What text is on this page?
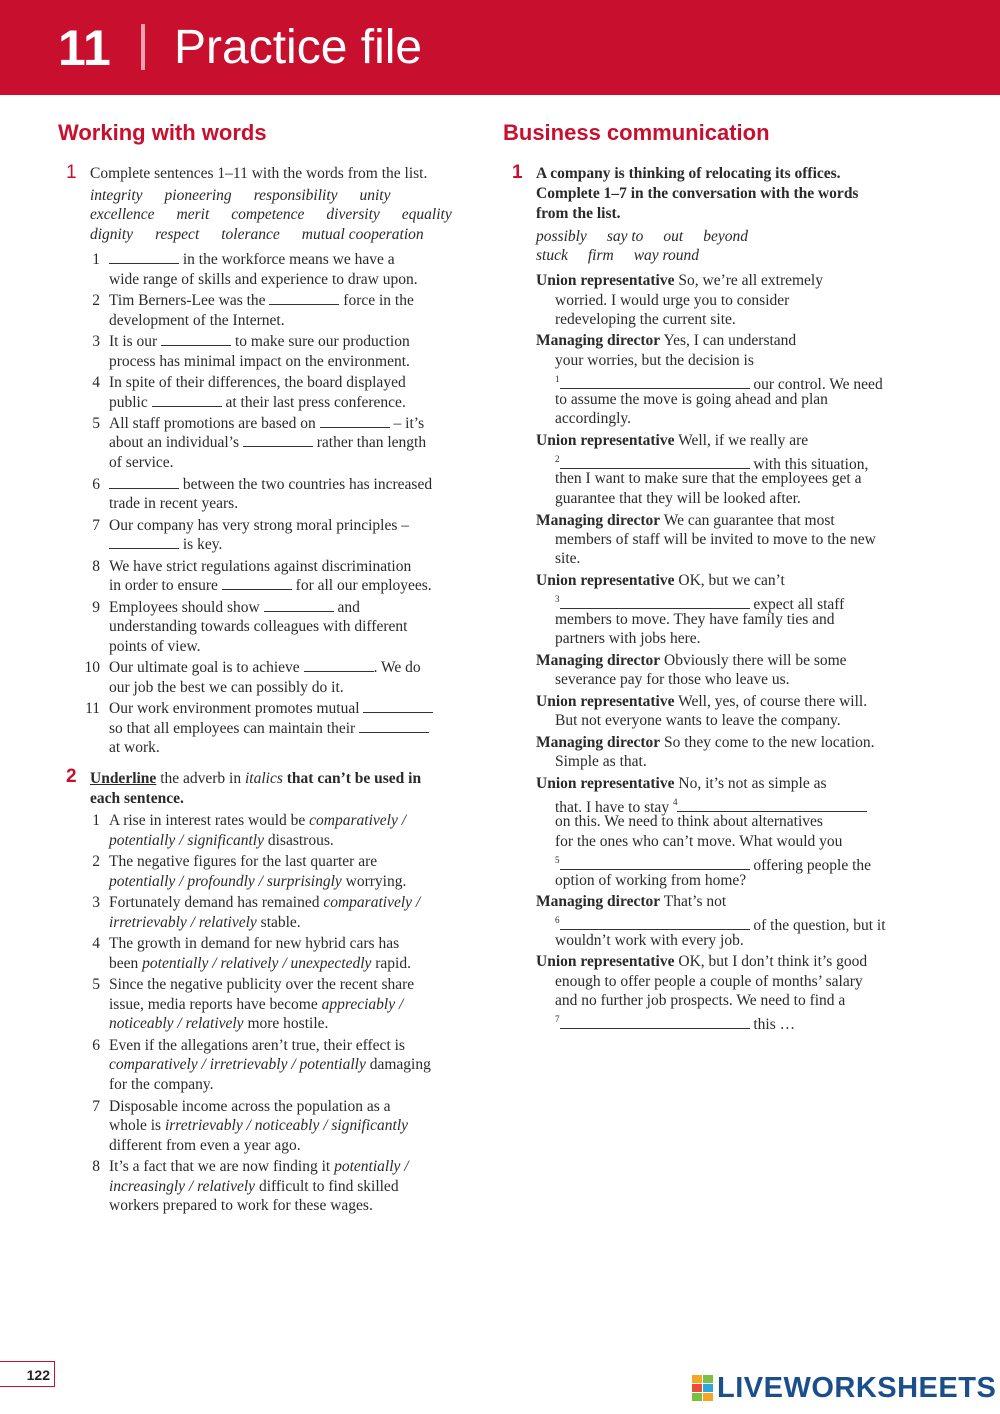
11 Practice file
Working with words
1 Complete sentences 1–11 with the words from the list.
integrity pioneering responsibility unity
excellence merit competence diversity equality
dignity respect tolerance mutual cooperation
1	in the workforce means we have a
wide range of skills and experience to draw upon.
2 Tim Berners-Lee was the	force in the
development of the Internet.
3 It is our	to make sure our production
process has minimal impact on the environment.
4 In spite of their differences, the board displayed
public	at their last press conference.
5 All staff promotions are based on	– it’s
about an individual’s	rather than length
of service.
6	between the two countries has increased
trade in recent years.
7 Our company has very strong moral principles –
is key.
8 We have strict regulations against discrimination
in order to ensure	for all our employees.
9 Employees should show	and
understanding towards colleagues with different
points of view.
10 Our ultimate goal is to achieve	. We do
our job the best we can possibly do it.
11 Our work environment promotes mutual
so that all employees can maintain their
at work.
2 Underline the adverb in italics that can’t be used in
each sentence.
1 A rise in interest rates would be comparatively /
potentially / significantly disastrous.
2 The negative figures for the last quarter are
potentially / profoundly / surprisingly worrying.
3 Fortunately demand has remained comparatively /
irretrievably / relatively stable.
4 The growth in demand for new hybrid cars has
been potentially / relatively / unexpectedly rapid.
5 Since the negative publicity over the recent share
issue, media reports have become appreciably /
noticeably / relatively more hostile.
6 Even if the allegations aren’t true, their effect is
comparatively / irretrievably / potentially damaging
for the company.
7 Disposable income across the population as a
whole is irretrievably / noticeably / significantly
different from even a year ago.
8 It’s a fact that we are now finding it potentially /
increasingly / relatively difficult to find skilled
workers prepared to work for these wages.
Business communication
1 A company is thinking of relocating its offices.
Complete 1–7 in the conversation with the words
from the list.
possibly say to out beyond
stuck firm way round
Union representative So, we’re all extremely
worried. I would urge you to consider
redeveloping the current site.
Managing director Yes, I can understand
your worries, but the decision is
$^1$	our control. We need
to assume the move is going ahead and plan
accordingly.
Union representative Well, if we really are
$^2$	with this situation,
then I want to make sure that the employees get a
guarantee that they will be looked after.
Managing director We can guarantee that most
members of staff will be invited to move to the new
site.
Union representative OK, but we can’t
$^3$	expect all staff
members to move. They have family ties and
partners with jobs here.
Managing director Obviously there will be some
severance pay for those who leave us.
Union representative Well, yes, of course there will.
But not everyone wants to leave the company.
Managing director So they come to the new location.
Simple as that.
Union representative No, it’s not as simple as
that. I have to stay $^4$
on this. We need to think about alternatives
for the ones who can’t move. What would you
$^5$	offering people the
option of working from home?
Managing director That’s not
$^6$	of the question, but it
wouldn’t work with every job.
Union representative OK, but I don’t think it’s good
enough to offer people a couple of months’ salary
and no further job prospects. We need to find a
$^7$	this …
122	LIVEWORKSHEETS
